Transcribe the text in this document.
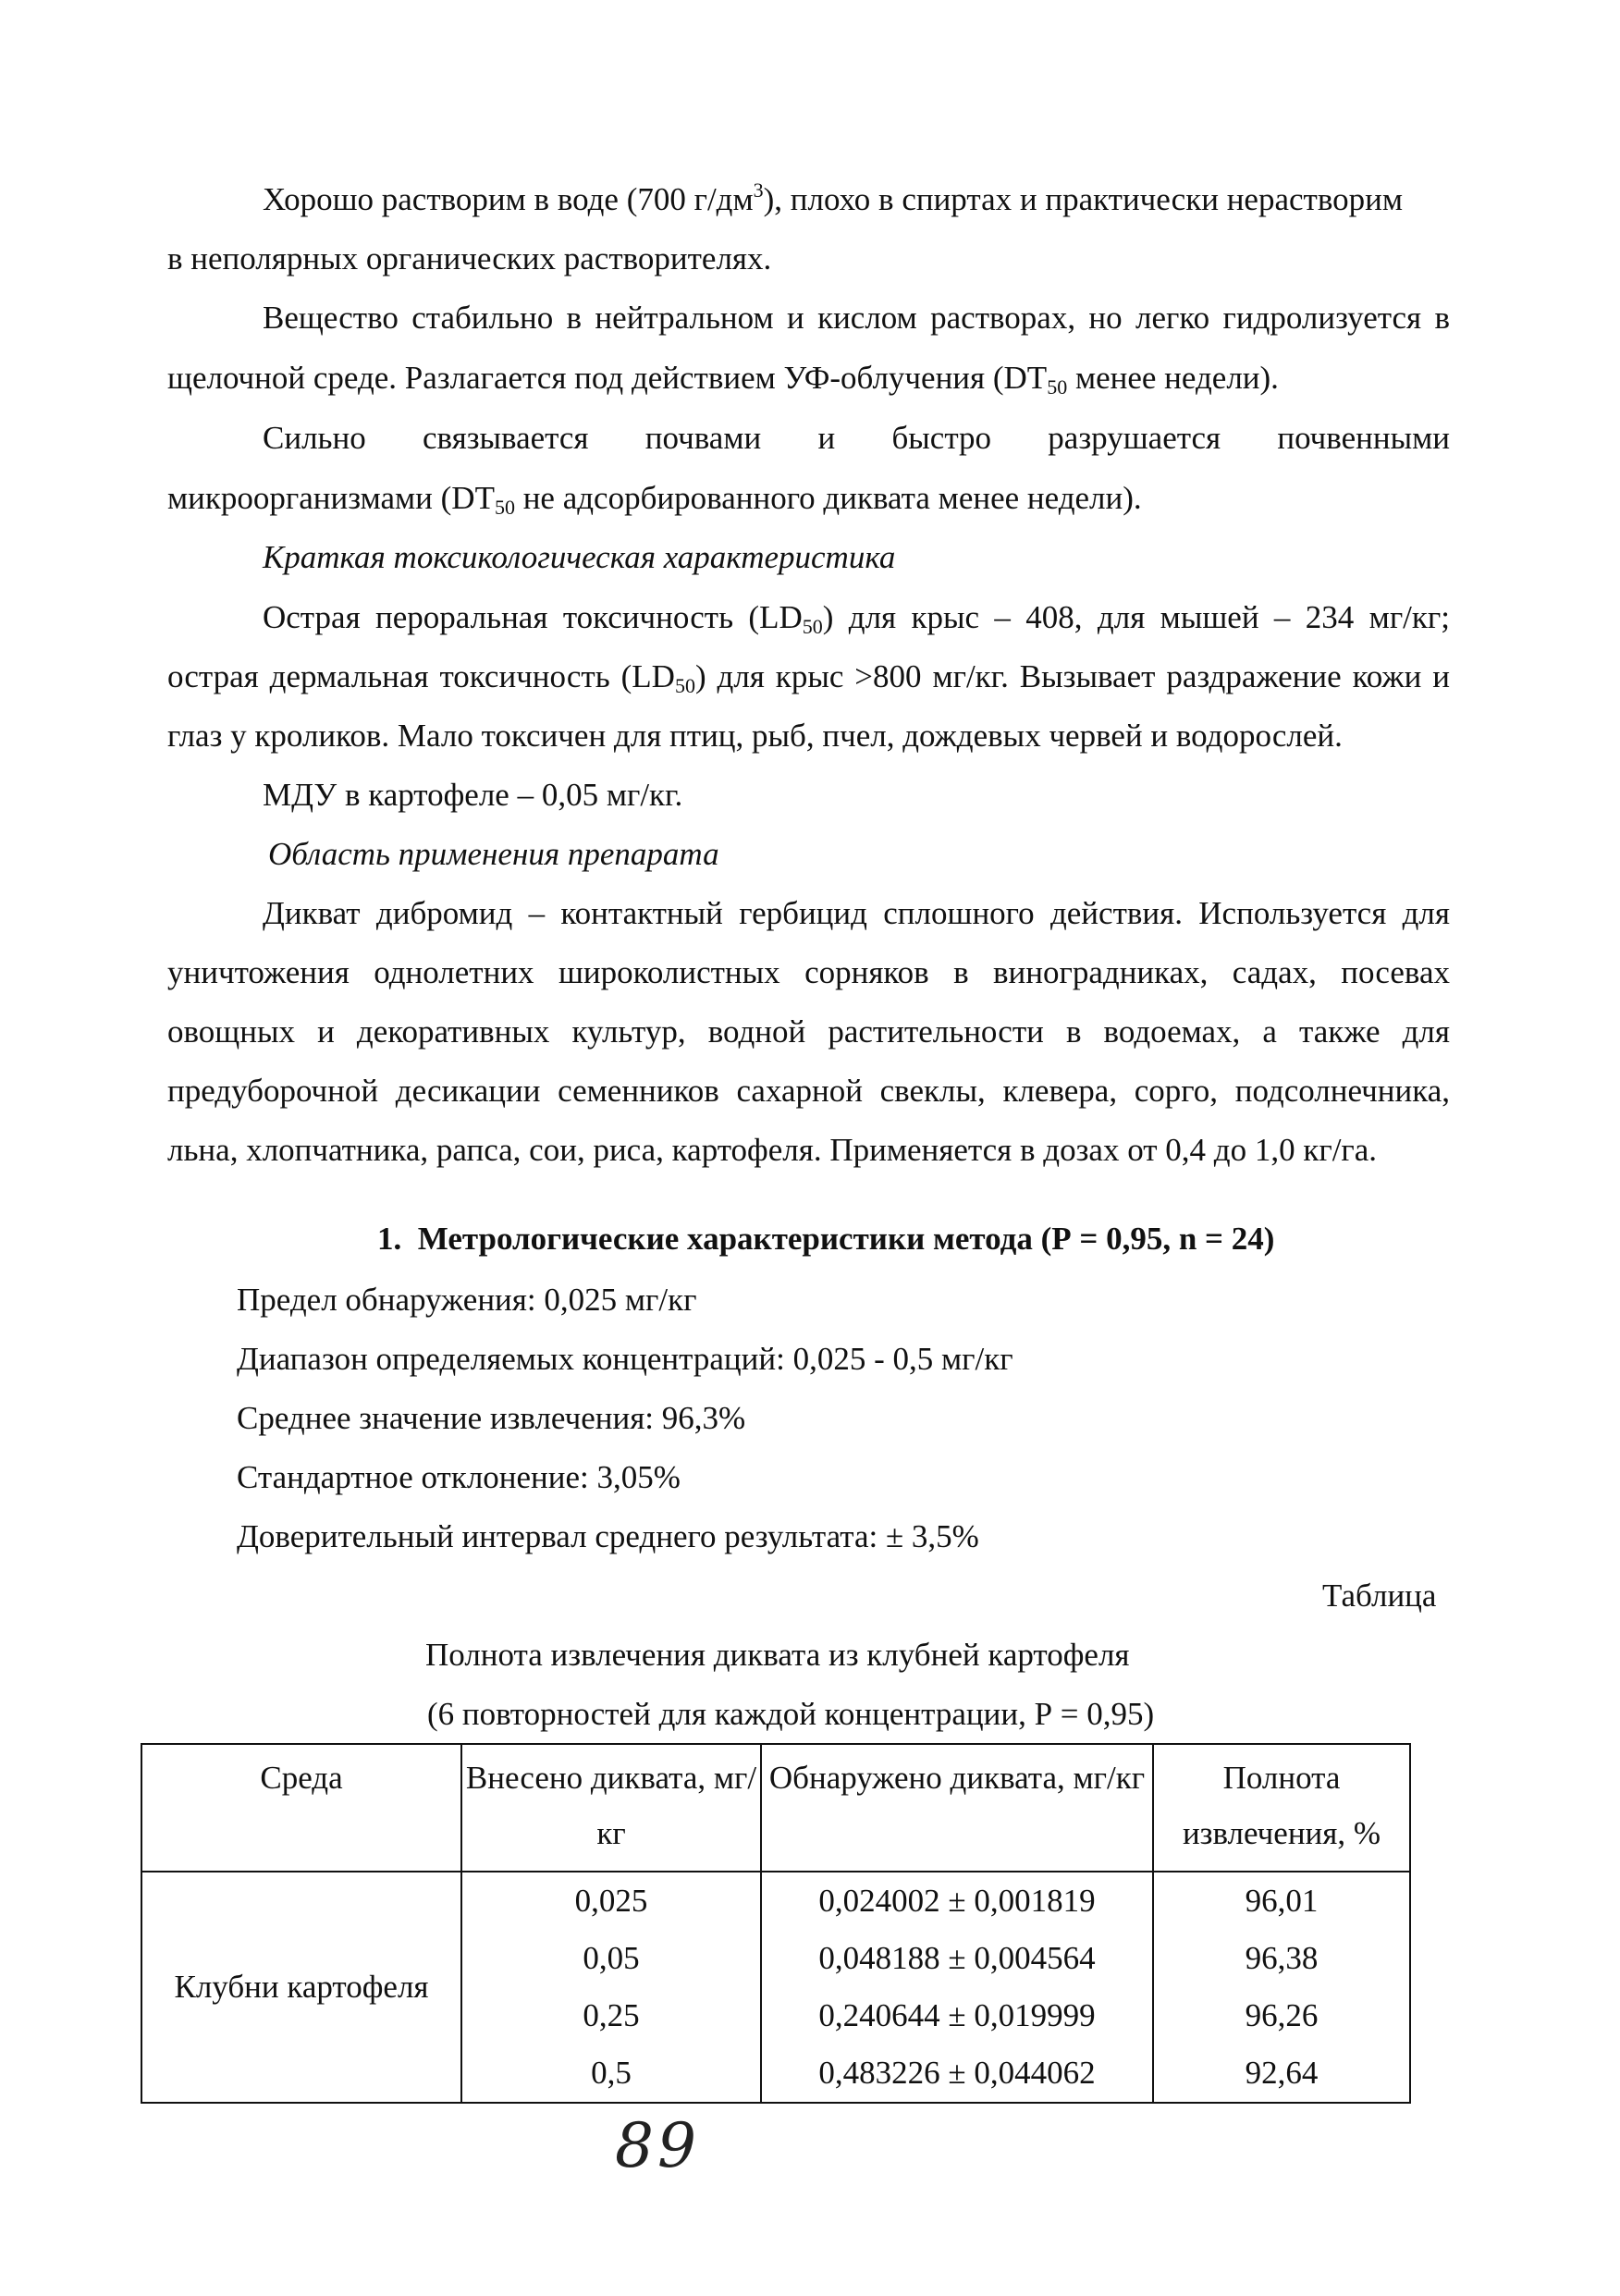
Хорошо растворим в воде (700 $г/дм^3$), плохо в спиртах и практически нерастворим
в неполярных органических растворителях.
Вещество стабильно в нейтральном и кислом растворах, но легко гидролизуется в
щелочной среде. Разлагается под действием УФ-облучения ($DT_{50}$ менее недели).
Сильно связывается почвами и быстро разрушается почвенными
микроорганизмами ($DT_{50}$ не адсорбированного диквата менее недели).
Краткая токсикологическая характеристика
Острая пероральная токсичность $(LD_{50})$ для крыс – 408, для мышей – 234 мг/кг;
острая дермальная токсичность $(LD_{50})$ для крыс >800 мг/кг. Вызывает раздражение кожи и
глаз у кроликов. Мало токсичен для птиц, рыб, пчел, дождевых червей и водорослей.
МДУ в картофеле – 0,05 мг/кг.
Область применения препарата
Дикват дибромид – контактный гербицид сплошного действия. Используется для
уничтожения однолетних широколистных сорняков в виноградниках, садах, посевах
овощных и декоративных культур, водной растительности в водоемах, а также для
предуборочной десикации семенников сахарной свеклы, клевера, сорго, подсолнечника,
льна, хлопчатника, рапса, сои, риса, картофеля. Применяется в дозах от 0,4 до 1,0 кг/га.
1. Метрологические характеристики метода (Р = 0,95, n = 24)
Предел обнаружения: 0,025 мг/кг
Диапазон определяемых концентраций: 0,025 - 0,5 мг/кг
Среднее значение извлечения: 96,3%
Стандартное отклонение: 3,05%
Доверительный интервал среднего результата: ± 3,5%
Таблица
Полнота извлечения диквата из клубней картофеля
(6 повторностей для каждой концентрации, Р = 0,95)
Среда	Внесено диквата, мг/кг	Обнаружено диквата, мг/кг	Полнота извлечения, %
Клубни картофеля	0,025	0,024002 ± 0,001819	96,01
	0,05	0,048188 ± 0,004564	96,38
	0,25	0,240644 ± 0,019999	96,26
	0,5	0,483226 ± 0,044062	92,64
89
